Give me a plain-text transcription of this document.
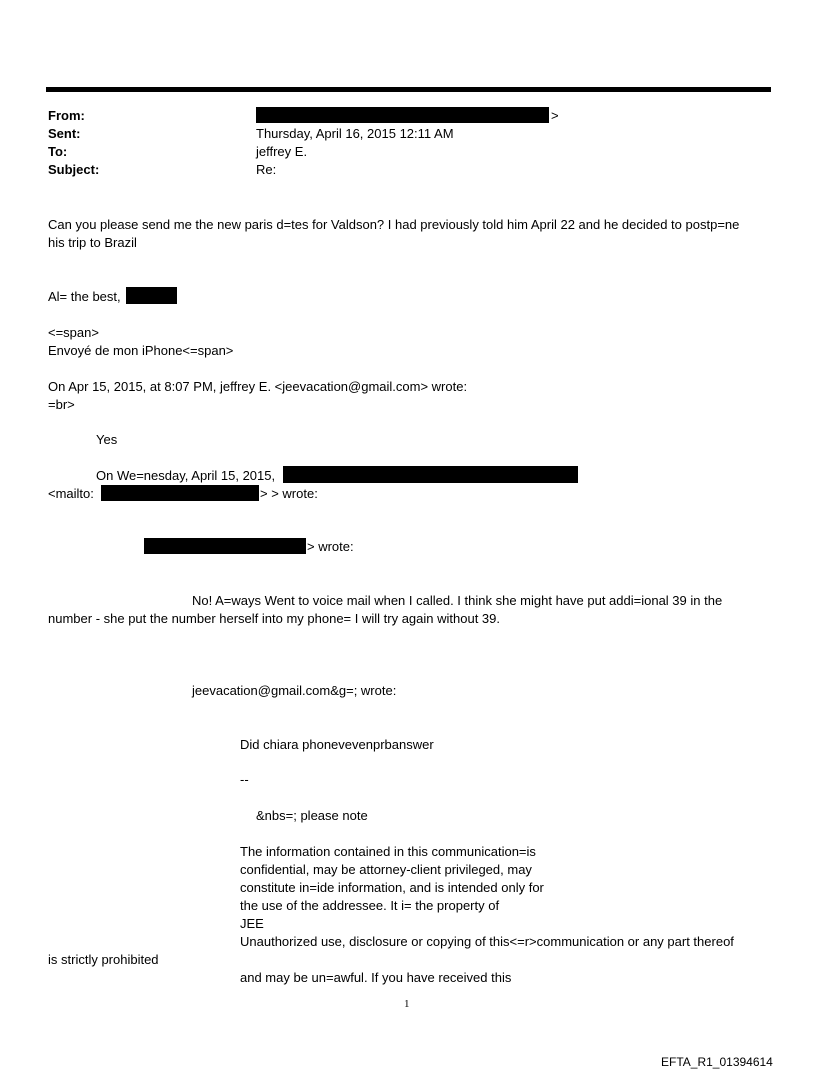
From:
Sent:
To:
Subject:
>
Thursday, April 16, 2015 12:11 AM
jeffrey E.
Re:
Can you please send me the new paris d=tes for Valdson? I had previously told him April 22 and he decided to postp=ne
his trip to Brazil
Al= the best,
<=span>
Envoyé de mon iPhone<=span>
On Apr 15, 2015, at 8:07 PM, jeffrey E. <jeevacation@gmail.com> wrote:
=br>
Yes
On We=nesday, April 15, 2015,
<mailto:	> > wrote:
> wrote:
No! A=ways Went to voice mail when I called. I think she might have put addi=ional 39 in the
number - she put the number herself into my phone= I will try again without 39.
jeevacation@gmail.com&g=; wrote:
Did chiara phonevevenprbanswer
--
&nbs=; please note
The information contained in this communication=is
confidential, may be attorney-client privileged, may
constitute in=ide information, and is intended only for
the use of the addressee. It i= the property of
JEE
Unauthorized use, disclosure or copying of this<=r>communication or any part thereof
is strictly prohibited
and may be un=awful. If you have received this
1
EFTA_R1_01394614
